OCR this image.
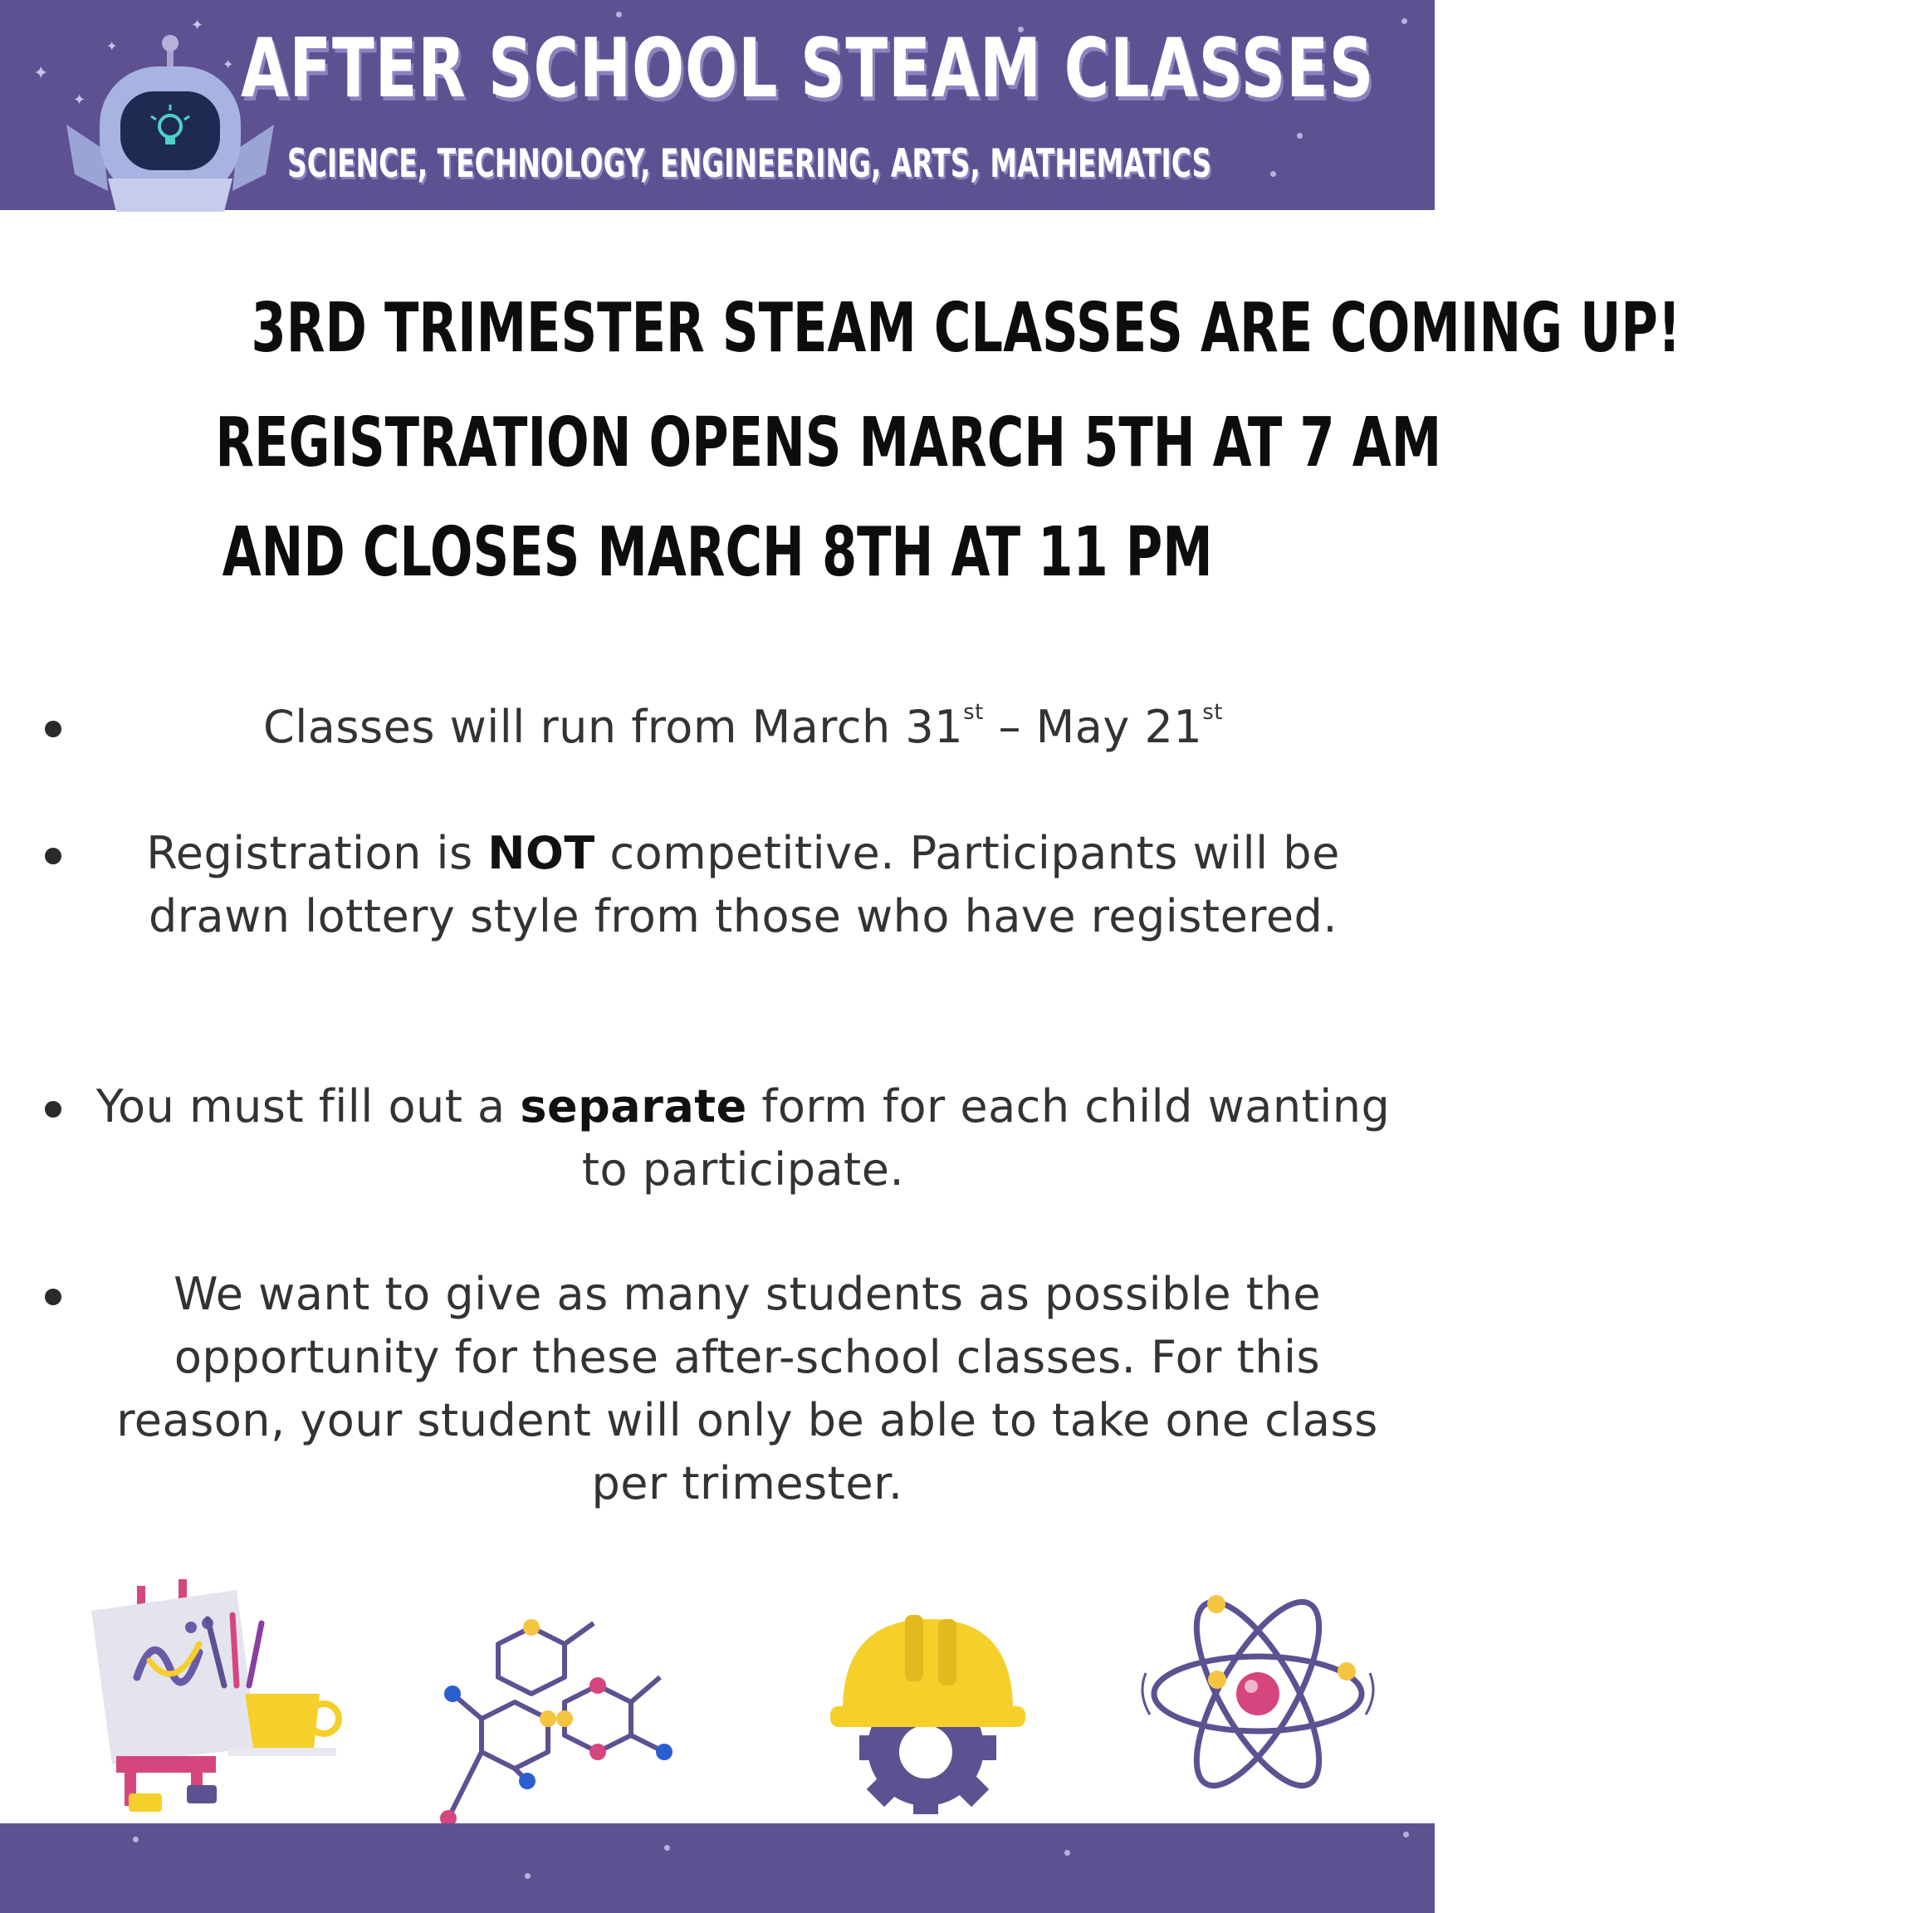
✦
✦
✦
✦
✦ AFTER SCHOOL STEAM CLASSES
SCIENCE, TECHNOLOGY, ENGINEERING, ARTS, MATHEMATICS
3RD TRIMESTER STEAM CLASSES ARE COMING UP!
REGISTRATION OPENS MARCH 5TH AT 7 AM
AND CLOSES MARCH 8TH AT 11 PM
Classes will run from March 31st – May 21st
Registration is NOT competitive. Participants will be drawn lottery style from those who have registered.
You must fill out a separate form for each child wanting to participate.
We want to give as many students as possible the opportunity for these after-school classes. For this reason, your student will only be able to take one class per trimester.
